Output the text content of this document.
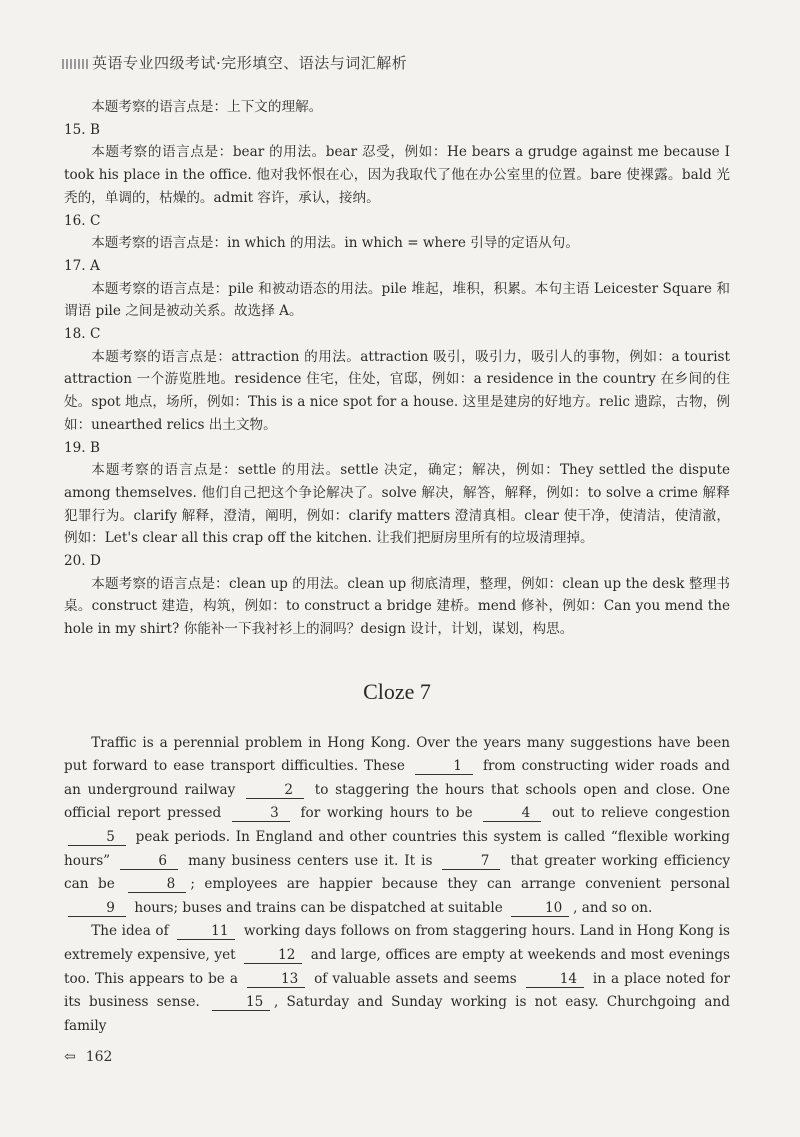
英语专业四级考试·完形填空、语法与词汇解析

本题考察的语言点是：上下文的理解。

15. B

本题考察的语言点是：bear 的用法。bear 忍受，例如：He bears a grudge against me because I took his place in the office. 他对我怀恨在心，因为我取代了他在办公室里的位置。bare 使裸露。bald 光秃的，单调的，枯燥的。admit 容许，承认，接纳。

16. C

本题考察的语言点是：in which 的用法。in which = where 引导的定语从句。

17. A

本题考察的语言点是：pile 和被动语态的用法。pile 堆起，堆积，积累。本句主语 Leicester Square 和谓语 pile 之间是被动关系。故选择 A。

18. C

本题考察的语言点是：attraction 的用法。attraction 吸引，吸引力，吸引人的事物，例如：a tourist attraction 一个游览胜地。residence 住宅，住处，官邸，例如：a residence in the country 在乡间的住处。spot 地点，场所，例如：This is a nice spot for a house. 这里是建房的好地方。relic 遗踪，古物，例如：unearthed relics 出土文物。

19. B

本题考察的语言点是：settle 的用法。settle 决定，确定；解决，例如：They settled the dispute among themselves. 他们自己把这个争论解决了。solve 解决，解答，解释，例如：to solve a crime 解释犯罪行为。clarify 解释，澄清，阐明，例如：clarify matters 澄清真相。clear 使干净，使清洁，使清澈，例如：Let's clear all this crap off the kitchen. 让我们把厨房里所有的垃圾清理掉。

20. D

本题考察的语言点是：clean up 的用法。clean up 彻底清理，整理，例如：clean up the desk 整理书桌。construct 建造，构筑，例如：to construct a bridge 建桥。mend 修补，例如：Can you mend the hole in my shirt? 你能补一下我衬衫上的洞吗？design 设计，计划，谋划，构思。

Cloze 7

Traffic is a perennial problem in Hong Kong. Over the years many suggestions have been put forward to ease transport difficulties. These	1 from constructing wider roads and an underground railway	2 to staggering the hours that schools open and close. One official report pressed	3 for working hours to be	4 out to relieve congestion 5 peak periods. In England and other countries this system is called “flexible working hours”	6 many business centers use it. It is	7 that greater working efficiency can be	8 ; employees are happier because they can arrange convenient personal 9 hours; buses and trains can be dispatched at suitable	10 , and so on.

The idea of	11 working days follows on from staggering hours. Land in Hong Kong is extremely expensive, yet	12 and large, offices are empty at weekends and most evenings too. This appears to be a	13 of valuable assets and seems	14 in a place noted for its business sense.	15 , Saturday and Sunday working is not easy. Churchgoing and family

⇦ 162
